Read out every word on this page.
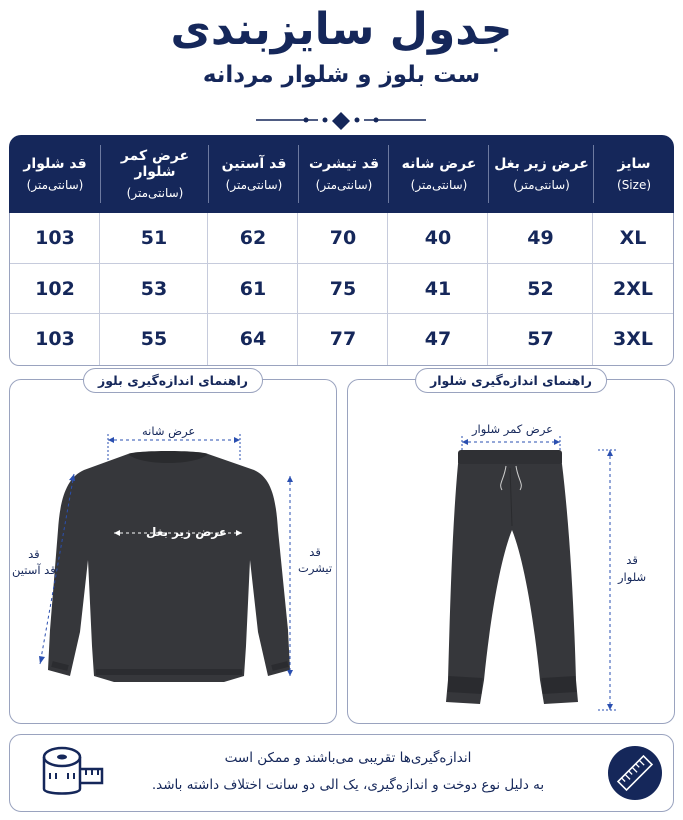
جدول سایزبندی
ست بلوز و شلوار مردانه
سایز
(Size)
عرض زیر بغل
(سانتی‌متر)
عرض شانه
(سانتی‌متر)
قد تیشرت
(سانتی‌متر)
قد آستین
(سانتی‌متر)
عرض کمر شلوار
(سانتی‌متر)
قد شلوار
(سانتی‌متر)
XL
49
40
70
62
51
103
2XL
52
41
75
61
53
102
3XL
57
47
77
64
55
103
راهنمای اندازه‌گیری بلوز
عرض شانه
عرض زیر بغل
قد
قد آستین
قد
تیشرت
راهنمای اندازه‌گیری شلوار
عرض کمر شلوار
قد
شلوار
اندازه‌گیری‌ها تقریبی می‌باشند و ممکن است
به دلیل نوع دوخت و اندازه‌گیری، یک الی دو سانت اختلاف داشته باشد.
